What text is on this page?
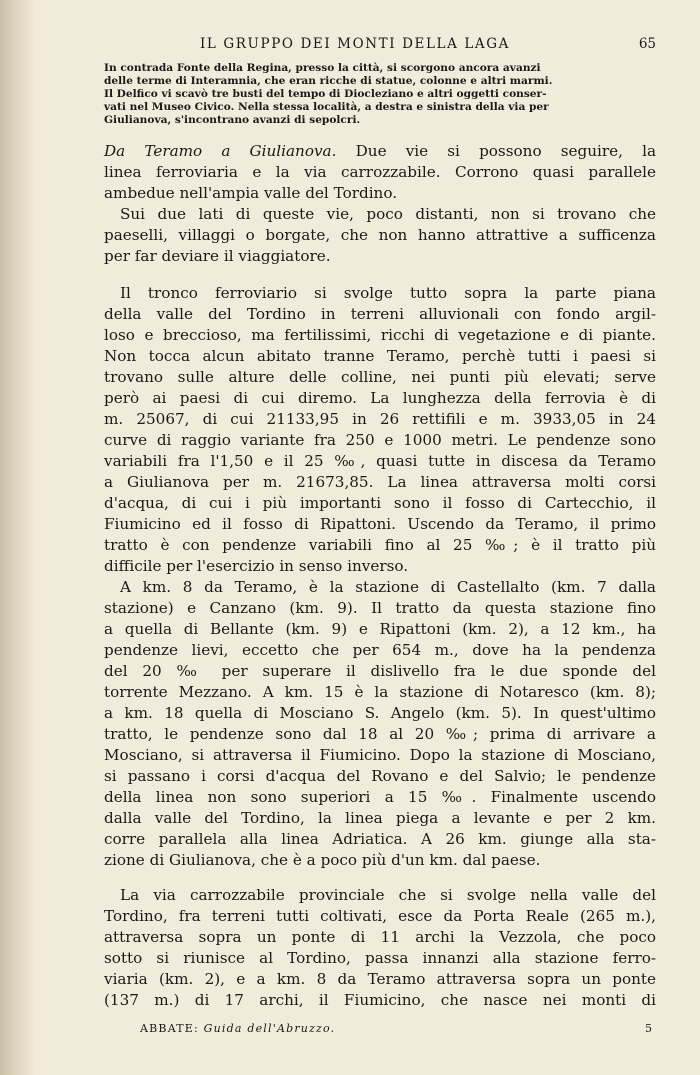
IL GRUPPO DEI MONTI DELLA LAGA	65
In contrada Fonte della Regina, presso la città, si scorgono ancora avanzi
delle terme di Interamnia, che eran ricche di statue, colonne e altri marmi.
Il Delfico vi scavò tre busti del tempo di Diocleziano e altri oggetti conser-
vati nel Museo Civico. Nella stessa località, a destra e sinistra della via per
Giulianova, s'incontrano avanzi di sepolcri.
Da Teramo a Giulianova. Due vie si possono seguire, la
linea ferroviaria e la via carrozzabile. Corrono quasi parallele
ambedue nell'ampia valle del Tordino.
Sui due lati di queste vie, poco distanti, non si trovano che
paeselli, villaggi o borgate, che non hanno attrattive a sufficenza
per far deviare il viaggiatore.
Il tronco ferroviario si svolge tutto sopra la parte piana
della valle del Tordino in terreni alluvionali con fondo argil-
loso e breccioso, ma fertilissimi, ricchi di vegetazione e di piante.
Non tocca alcun abitato tranne Teramo, perchè tutti i paesi si
trovano sulle alture delle colline, nei punti più elevati; serve
però ai paesi di cui diremo. La lunghezza della ferrovia è di
m. 25067, di cui 21133,95 in 26 rettifili e m. 3933,05 in 24
curve di raggio variante fra 250 e 1000 metri. Le pendenze sono
variabili fra l'1,50 e il 25 ‰, quasi tutte in discesa da Teramo
a Giulianova per m. 21673,85. La linea attraversa molti corsi
d'acqua, di cui i più importanti sono il fosso di Cartecchio, il
Fiumicino ed il fosso di Ripattoni. Uscendo da Teramo, il primo
tratto è con pendenze variabili fino al 25 ‰; è il tratto più
difficile per l'esercizio in senso inverso.
A km. 8 da Teramo, è la stazione di Castellalto (km. 7 dalla
stazione) e Canzano (km. 9). Il tratto da questa stazione fino
a quella di Bellante (km. 9) e Ripattoni (km. 2), a 12 km., ha
pendenze lievi, eccetto che per 654 m., dove ha la pendenza
del 20 ‰ per superare il dislivello fra le due sponde del
torrente Mezzano. A km. 15 è la stazione di Notaresco (km. 8);
a km. 18 quella di Mosciano S. Angelo (km. 5). In quest'ultimo
tratto, le pendenze sono dal 18 al 20 ‰; prima di arrivare a
Mosciano, si attraversa il Fiumicino. Dopo la stazione di Mosciano,
si passano i corsi d'acqua del Rovano e del Salvio; le pendenze
della linea non sono superiori a 15 ‰. Finalmente uscendo
dalla valle del Tordino, la linea piega a levante e per 2 km.
corre parallela alla linea Adriatica. A 26 km. giunge alla sta-
zione di Giulianova, che è a poco più d'un km. dal paese.
La via carrozzabile provinciale che si svolge nella valle del
Tordino, fra terreni tutti coltivati, esce da Porta Reale (265 m.),
attraversa sopra un ponte di 11 archi la Vezzola, che poco
sotto si riunisce al Tordino, passa innanzi alla stazione ferro-
viaria (km. 2), e a km. 8 da Teramo attraversa sopra un ponte
(137 m.) di 17 archi, il Fiumicino, che nasce nei monti di
ABBATE: Guida dell'Abruzzo.	5
